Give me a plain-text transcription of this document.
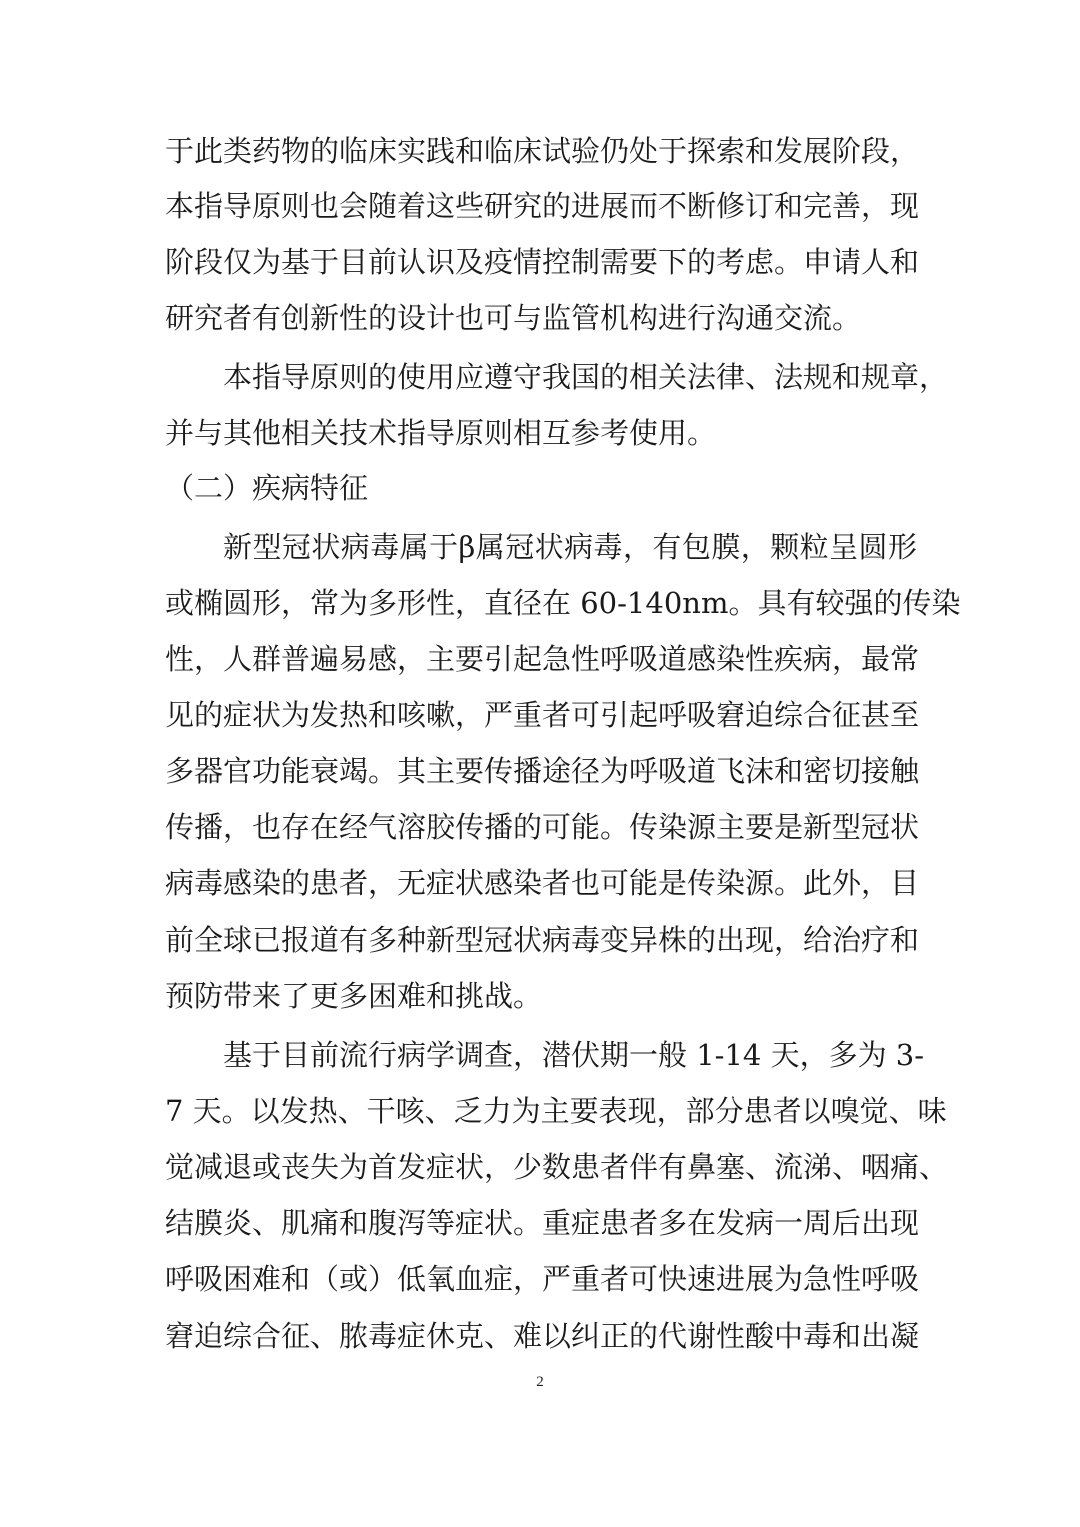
于此类药物的临床实践和临床试验仍处于探索和发展阶段，
本指导原则也会随着这些研究的进展而不断修订和完善，现
阶段仅为基于目前认识及疫情控制需要下的考虑。申请人和
研究者有创新性的设计也可与监管机构进行沟通交流。
本指导原则的使用应遵守我国的相关法律、法规和规章，
并与其他相关技术指导原则相互参考使用。
（二）疾病特征
新型冠状病毒属于β属冠状病毒，有包膜，颗粒呈圆形
或椭圆形，常为多形性，直径在 60-140nm。具有较强的传染
性，人群普遍易感，主要引起急性呼吸道感染性疾病，最常
见的症状为发热和咳嗽，严重者可引起呼吸窘迫综合征甚至
多器官功能衰竭。其主要传播途径为呼吸道飞沫和密切接触
传播，也存在经气溶胶传播的可能。传染源主要是新型冠状
病毒感染的患者，无症状感染者也可能是传染源。此外，目
前全球已报道有多种新型冠状病毒变异株的出现，给治疗和
预防带来了更多困难和挑战。
基于目前流行病学调查，潜伏期一般 1-14 天，多为 3-
7 天。以发热、干咳、乏力为主要表现，部分患者以嗅觉、味
觉减退或丧失为首发症状，少数患者伴有鼻塞、流涕、咽痛、
结膜炎、肌痛和腹泻等症状。重症患者多在发病一周后出现
呼吸困难和（或）低氧血症，严重者可快速进展为急性呼吸
窘迫综合征、脓毒症休克、难以纠正的代谢性酸中毒和出凝
2
